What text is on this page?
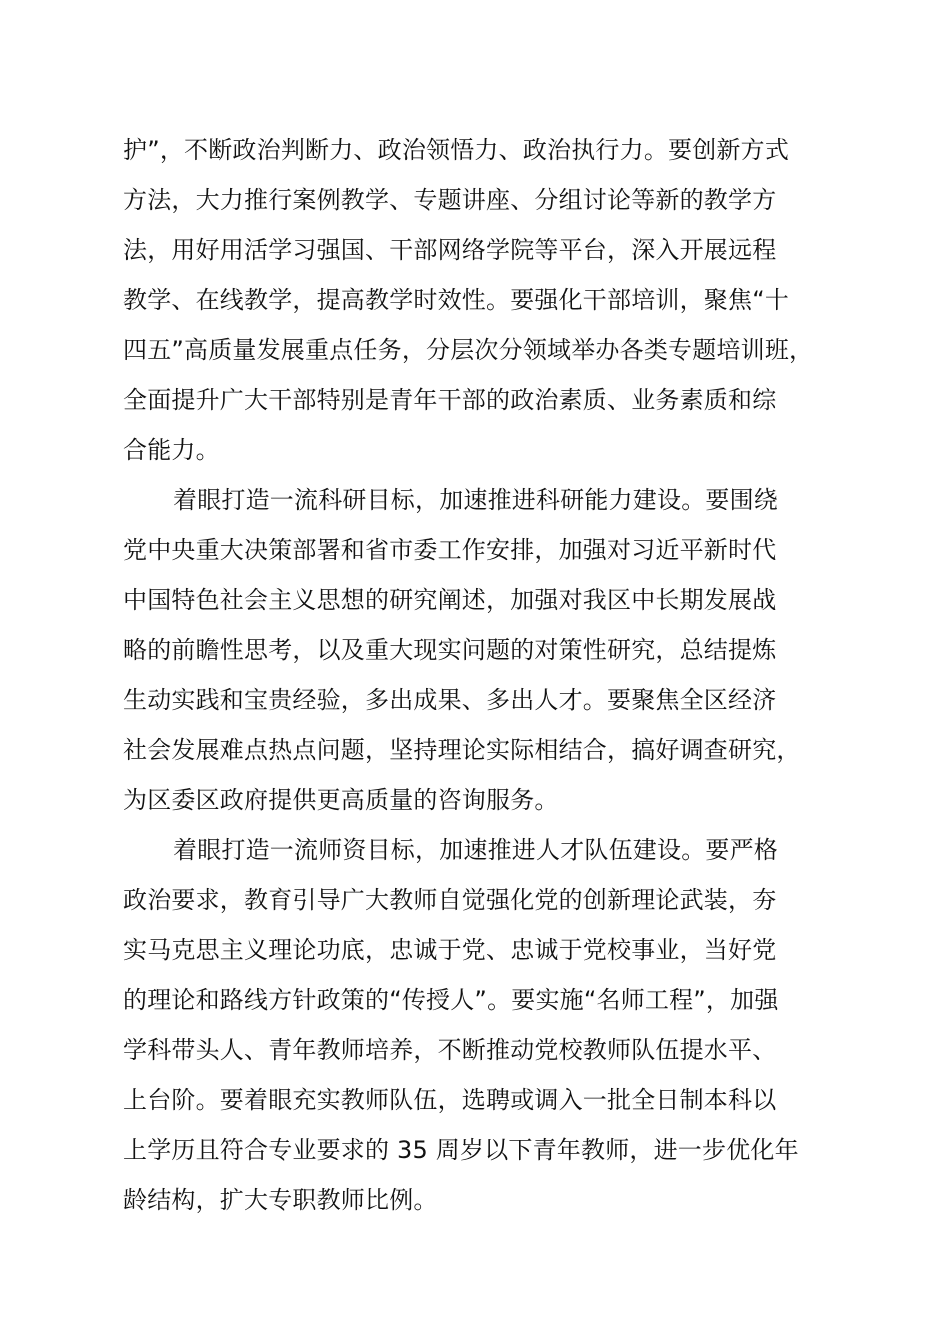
护”，不断政治判断力、政治领悟力、政治执行力。要创新方式
方法，大力推行案例教学、专题讲座、分组讨论等新的教学方
法，用好用活学习强国、干部网络学院等平台，深入开展远程
教学、在线教学，提高教学时效性。要强化干部培训，聚焦“十
四五”高质量发展重点任务，分层次分领域举办各类专题培训班，
全面提升广大干部特别是青年干部的政治素质、业务素质和综
合能力。
着眼打造一流科研目标，加速推进科研能力建设。要围绕
党中央重大决策部署和省市委工作安排，加强对习近平新时代
中国特色社会主义思想的研究阐述，加强对我区中长期发展战
略的前瞻性思考，以及重大现实问题的对策性研究，总结提炼
生动实践和宝贵经验，多出成果、多出人才。要聚焦全区经济
社会发展难点热点问题，坚持理论实际相结合，搞好调查研究，
为区委区政府提供更高质量的咨询服务。
着眼打造一流师资目标，加速推进人才队伍建设。要严格
政治要求，教育引导广大教师自觉强化党的创新理论武装，夯
实马克思主义理论功底，忠诚于党、忠诚于党校事业，当好党
的理论和路线方针政策的“传授人”。要实施“名师工程”，加强
学科带头人、青年教师培养，不断推动党校教师队伍提水平、
上台阶。要着眼充实教师队伍，选聘或调入一批全日制本科以
上学历且符合专业要求的 35 周岁以下青年教师，进一步优化年
龄结构，扩大专职教师比例。
